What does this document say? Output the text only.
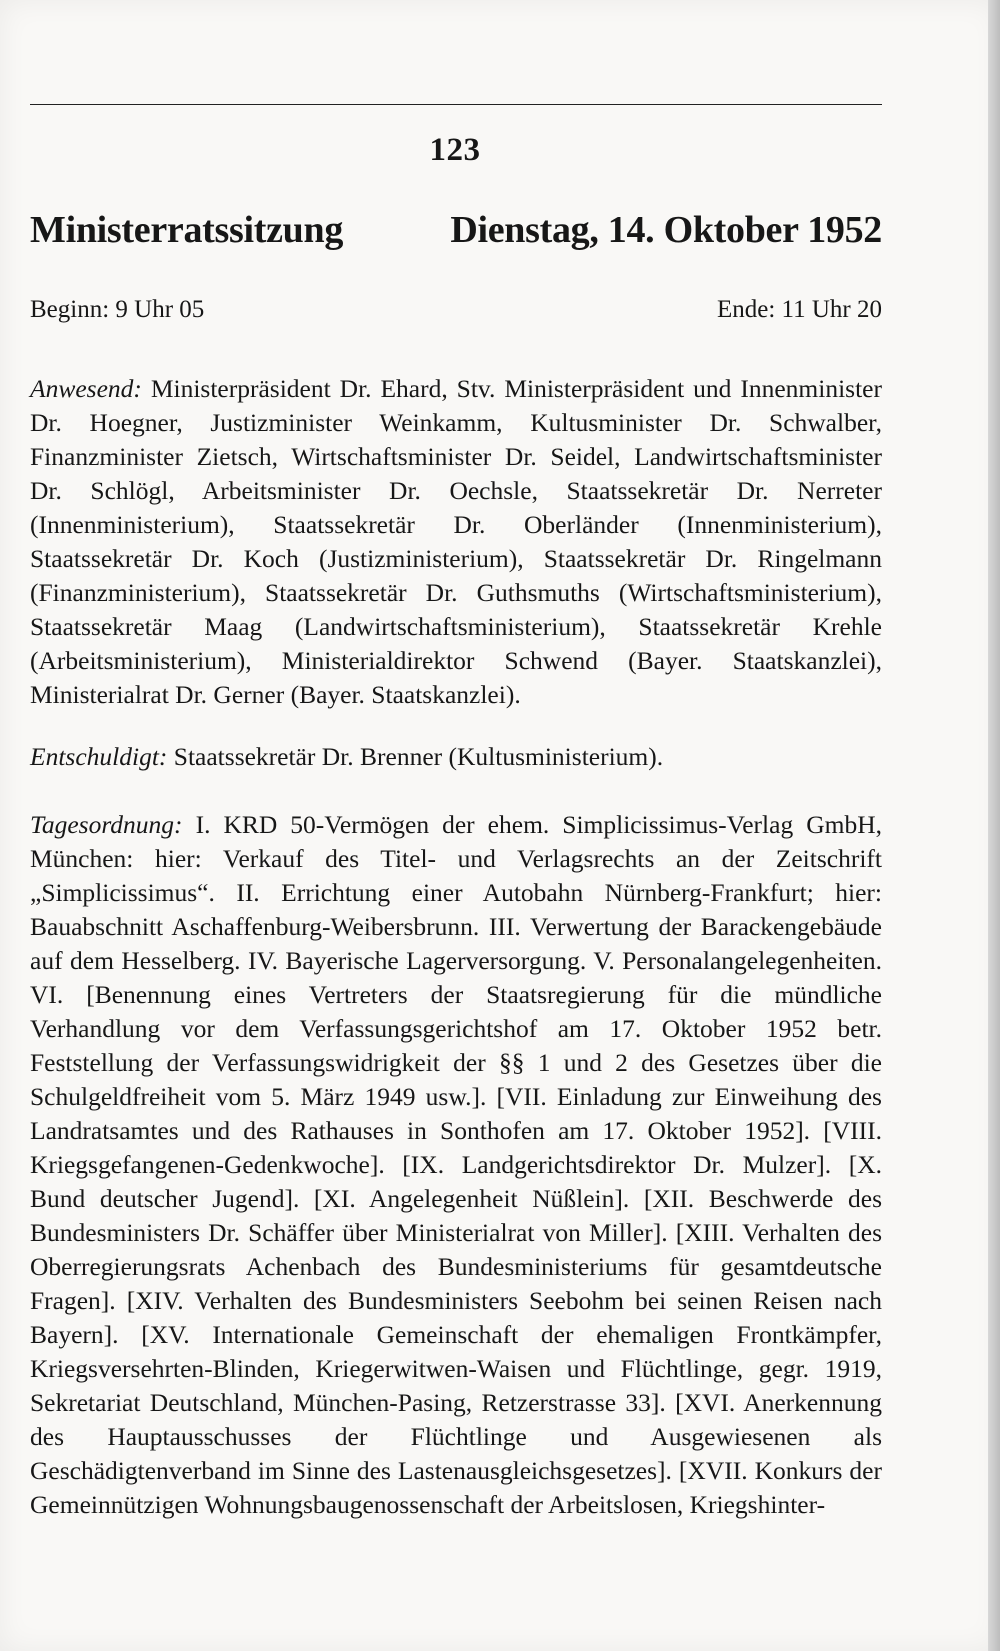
123
Ministerratssitzung	Dienstag, 14. Oktober 1952
Beginn: 9 Uhr 05	Ende: 11 Uhr 20

Anwesend: Ministerpräsident Dr. Ehard, Stv. Ministerpräsident und Innenminister Dr. Hoegner, Justizminister Weinkamm, Kultusminister Dr. Schwalber, Finanzminister Zietsch, Wirtschaftsminister Dr. Seidel, Landwirtschaftsminister Dr. Schlögl, Arbeitsminister Dr. Oechsle, Staatssekretär Dr. Nerreter (Innenministerium), Staatssekretär Dr. Oberländer (Innenministerium), Staatssekretär Dr. Koch (Justizministerium), Staatssekretär Dr. Ringelmann (Finanzministerium), Staatssekretär Dr. Guthsmuths (Wirtschaftsministerium), Staatssekretär Maag (Landwirtschaftsministerium), Staatssekretär Krehle (Arbeitsministerium), Ministerialdirektor Schwend (Bayer. Staatskanzlei), Ministerialrat Dr. Gerner (Bayer. Staatskanzlei).

Entschuldigt: Staatssekretär Dr. Brenner (Kultusministerium).

Tagesordnung: I. KRD 50-Vermögen der ehem. Simplicissimus-Verlag GmbH, München: hier: Verkauf des Titel- und Verlagsrechts an der Zeitschrift „Simplicissimus“. II. Errichtung einer Autobahn Nürnberg-Frankfurt; hier: Bauabschnitt Aschaffenburg-Weibersbrunn. III. Verwertung der Barackengebäude auf dem Hesselberg. IV. Bayerische Lagerversorgung. V. Personalangelegenheiten. VI. [Benennung eines Vertreters der Staatsregierung für die mündliche Verhandlung vor dem Verfassungsgerichtshof am 17. Oktober 1952 betr. Feststellung der Verfassungswidrigkeit der §§ 1 und 2 des Gesetzes über die Schulgeldfreiheit vom 5. März 1949 usw.]. [VII. Einladung zur Einweihung des Landratsamtes und des Rathauses in Sonthofen am 17. Oktober 1952]. [VIII. Kriegsgefangenen-Gedenkwoche]. [IX. Landgerichtsdirektor Dr. Mulzer]. [X. Bund deutscher Jugend]. [XI. Angelegenheit Nüßlein]. [XII. Beschwerde des Bundesministers Dr. Schäffer über Ministerialrat von Miller]. [XIII. Verhalten des Oberregierungsrats Achenbach des Bundesministeriums für gesamtdeutsche Fragen]. [XIV. Verhalten des Bundesministers Seebohm bei seinen Reisen nach Bayern]. [XV. Internationale Gemeinschaft der ehemaligen Frontkämpfer, Kriegsversehrten-Blinden, Kriegerwitwen-Waisen und Flüchtlinge, gegr. 1919, Sekretariat Deutschland, München-Pasing, Retzerstrasse 33]. [XVI. Anerkennung des Hauptausschusses der Flüchtlinge und Ausgewiesenen als Geschädigtenverband im Sinne des Lastenausgleichsgesetzes]. [XVII. Konkurs der Gemeinnützigen Wohnungsbaugenossenschaft der Arbeitslosen, Kriegshinter-
